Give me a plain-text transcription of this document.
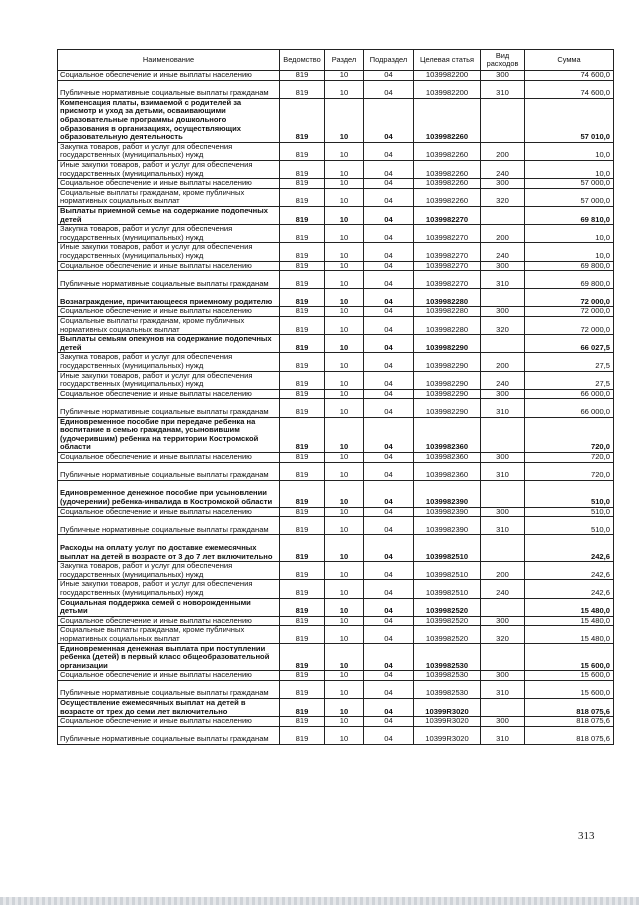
Наименование	Ведомство	Раздел	Подраздел	Целевая статья	Вид расходов	Сумма
Социальное обеспечение и иные выплаты населению	819	10	04	1039982200	300	74 600,0
Публичные нормативные социальные выплаты гражданам	819	10	04	1039982200	310	74 600,0
Компенсация платы, взимаемой с родителей за присмотр и уход за детьми, осваивающими образовательные программы дошкольного образования в организациях, осуществляющих образовательную деятельность	819	10	04	1039982260		57 010,0
Закупка товаров, работ и услуг для обеспечения государственных (муниципальных) нужд	819	10	04	1039982260	200	10,0
Иные закупки товаров, работ и услуг для обеспечения государственных (муниципальных) нужд	819	10	04	1039982260	240	10,0
Социальное обеспечение и иные выплаты населению	819	10	04	1039982260	300	57 000,0
Социальные выплаты гражданам, кроме публичных нормативных социальных выплат	819	10	04	1039982260	320	57 000,0
Выплаты приемной семье на содержание подопечных детей	819	10	04	1039982270		69 810,0
Закупка товаров, работ и услуг для обеспечения государственных (муниципальных) нужд	819	10	04	1039982270	200	10,0
Иные закупки товаров, работ и услуг для обеспечения государственных (муниципальных) нужд	819	10	04	1039982270	240	10,0
Социальное обеспечение и иные выплаты населению	819	10	04	1039982270	300	69 800,0
Публичные нормативные социальные выплаты гражданам	819	10	04	1039982270	310	69 800,0
Вознаграждение, причитающееся приемному родителю	819	10	04	1039982280		72 000,0
Социальное обеспечение и иные выплаты населению	819	10	04	1039982280	300	72 000,0
Социальные выплаты гражданам, кроме публичных нормативных социальных выплат	819	10	04	1039982280	320	72 000,0
Выплаты семьям опекунов на содержание подопечных детей	819	10	04	1039982290		66 027,5
Закупка товаров, работ и услуг для обеспечения государственных (муниципальных) нужд	819	10	04	1039982290	200	27,5
Иные закупки товаров, работ и услуг для обеспечения государственных (муниципальных) нужд	819	10	04	1039982290	240	27,5
Социальное обеспечение и иные выплаты населению	819	10	04	1039982290	300	66 000,0
Публичные нормативные социальные выплаты гражданам	819	10	04	1039982290	310	66 000,0
Единовременное пособие при передаче ребенка на воспитание в семью гражданам, усыновившим (удочерившим) ребенка на территории Костромской области	819	10	04	1039982360		720,0
Социальное обеспечение и иные выплаты населению	819	10	04	1039982360	300	720,0
Публичные нормативные социальные выплаты гражданам	819	10	04	1039982360	310	720,0
Единовременное денежное пособие при усыновлении (удочерении) ребенка-инвалида в Костромской области	819	10	04	1039982390		510,0
Социальное обеспечение и иные выплаты населению	819	10	04	1039982390	300	510,0
Публичные нормативные социальные выплаты гражданам	819	10	04	1039982390	310	510,0
Расходы на оплату услуг по доставке ежемесячных выплат на детей в возрасте от 3 до 7 лет включительно	819	10	04	1039982510		242,6
Закупка товаров, работ и услуг для обеспечения государственных (муниципальных) нужд	819	10	04	1039982510	200	242,6
Иные закупки товаров, работ и услуг для обеспечения государственных (муниципальных) нужд	819	10	04	1039982510	240	242,6
Социальная поддержка семей с новорожденными детьми	819	10	04	1039982520		15 480,0
Социальное обеспечение и иные выплаты населению	819	10	04	1039982520	300	15 480,0
Социальные выплаты гражданам, кроме публичных нормативных социальных выплат	819	10	04	1039982520	320	15 480,0
Единовременная денежная выплата при поступлении ребенка (детей) в первый класс общеобразовательной организации	819	10	04	1039982530		15 600,0
Социальное обеспечение и иные выплаты населению	819	10	04	1039982530	300	15 600,0
Публичные нормативные социальные выплаты гражданам	819	10	04	1039982530	310	15 600,0
Осуществление ежемесячных выплат на детей в возрасте от трех до семи лет включительно	819	10	04	10399R3020		818 075,6
Социальное обеспечение и иные выплаты населению	819	10	04	10399R3020	300	818 075,6
Публичные нормативные социальные выплаты гражданам	819	10	04	10399R3020	310	818 075,6
313
